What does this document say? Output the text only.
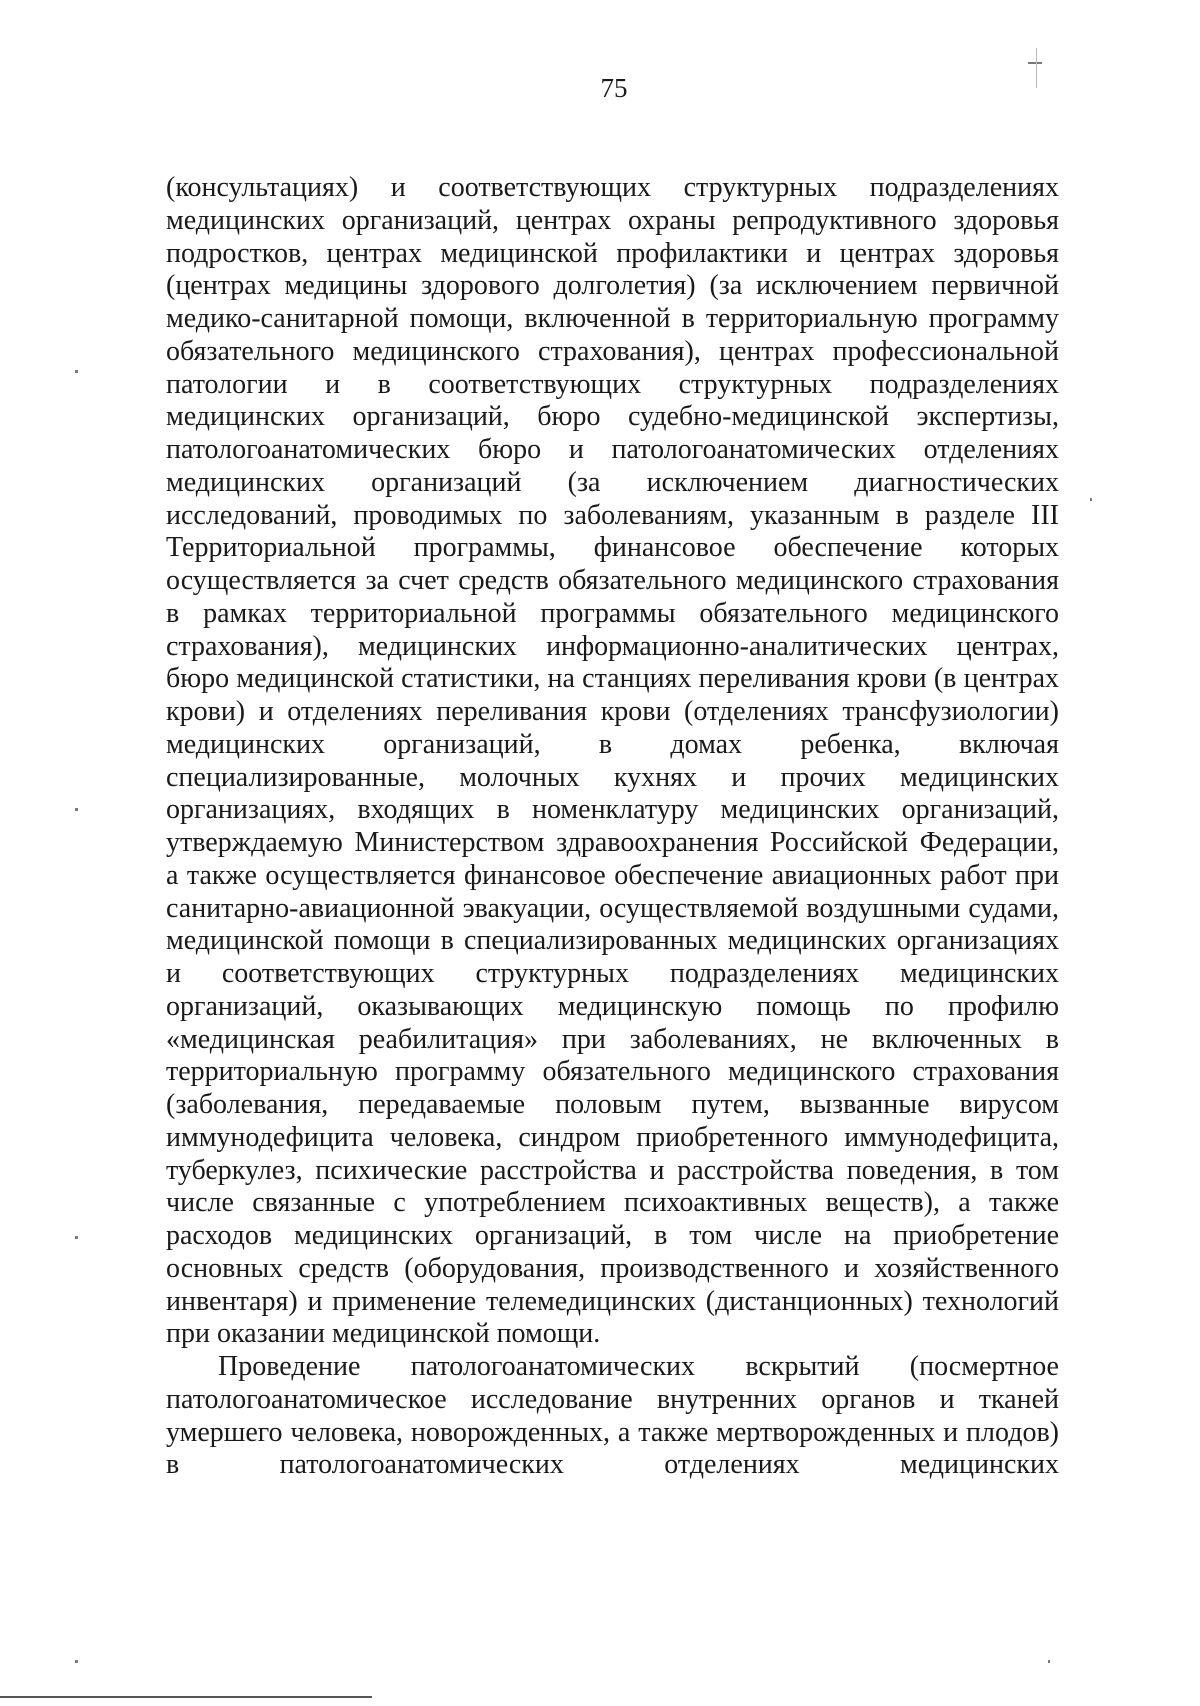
75

(консультациях) и соответствующих структурных подразделениях медицинских организаций, центрах охраны репродуктивного здоровья подростков, центрах медицинской профилактики и центрах здоровья (центрах медицины здорового долголетия) (за исключением первичной медико-санитарной помощи, включенной в территориальную программу обязательного медицинского страхования), центрах профессиональной патологии и в соответствующих структурных подразделениях медицинских организаций, бюро судебно-медицинской экспертизы, патологоанатомических бюро и патологоанатомических отделениях медицинских организаций (за исключением диагностических исследований, проводимых по заболеваниям, указанным в разделе III Территориальной программы, финансовое обеспечение которых осуществляется за счет средств обязательного медицинского страхования в рамках территориальной программы обязательного медицинского страхования), медицинских информационно-аналитических центрах, бюро медицинской статистики, на станциях переливания крови (в центрах крови) и отделениях переливания крови (отделениях трансфузиологии) медицинских организаций, в домах ребенка, включая специализированные, молочных кухнях и прочих медицинских организациях, входящих в номенклатуру медицинских организаций, утверждаемую Министерством здравоохранения Российской Федерации, а также осуществляется финансовое обеспечение авиационных работ при санитарно-авиационной эвакуации, осуществляемой воздушными судами, медицинской помощи в специализированных медицинских организациях и соответствующих структурных подразделениях медицинских организаций, оказывающих медицинскую помощь по профилю «медицинская реабилитация» при заболеваниях, не включенных в территориальную программу обязательного медицинского страхования (заболевания, передаваемые половым путем, вызванные вирусом иммунодефицита человека, синдром приобретенного иммунодефицита, туберкулез, психические расстройства и расстройства поведения, в том числе связанные с употреблением психоактивных веществ), а также расходов медицинских организаций, в том числе на приобретение основных средств (оборудования, производственного и хозяйственного инвентаря) и применение телемедицинских (дистанционных) технологий при оказании медицинской помощи.

Проведение патологоанатомических вскрытий (посмертное патологоанатомическое исследование внутренних органов и тканей умершего человека, новорожденных, а также мертворожденных и плодов) в патологоанатомических отделениях медицинских
